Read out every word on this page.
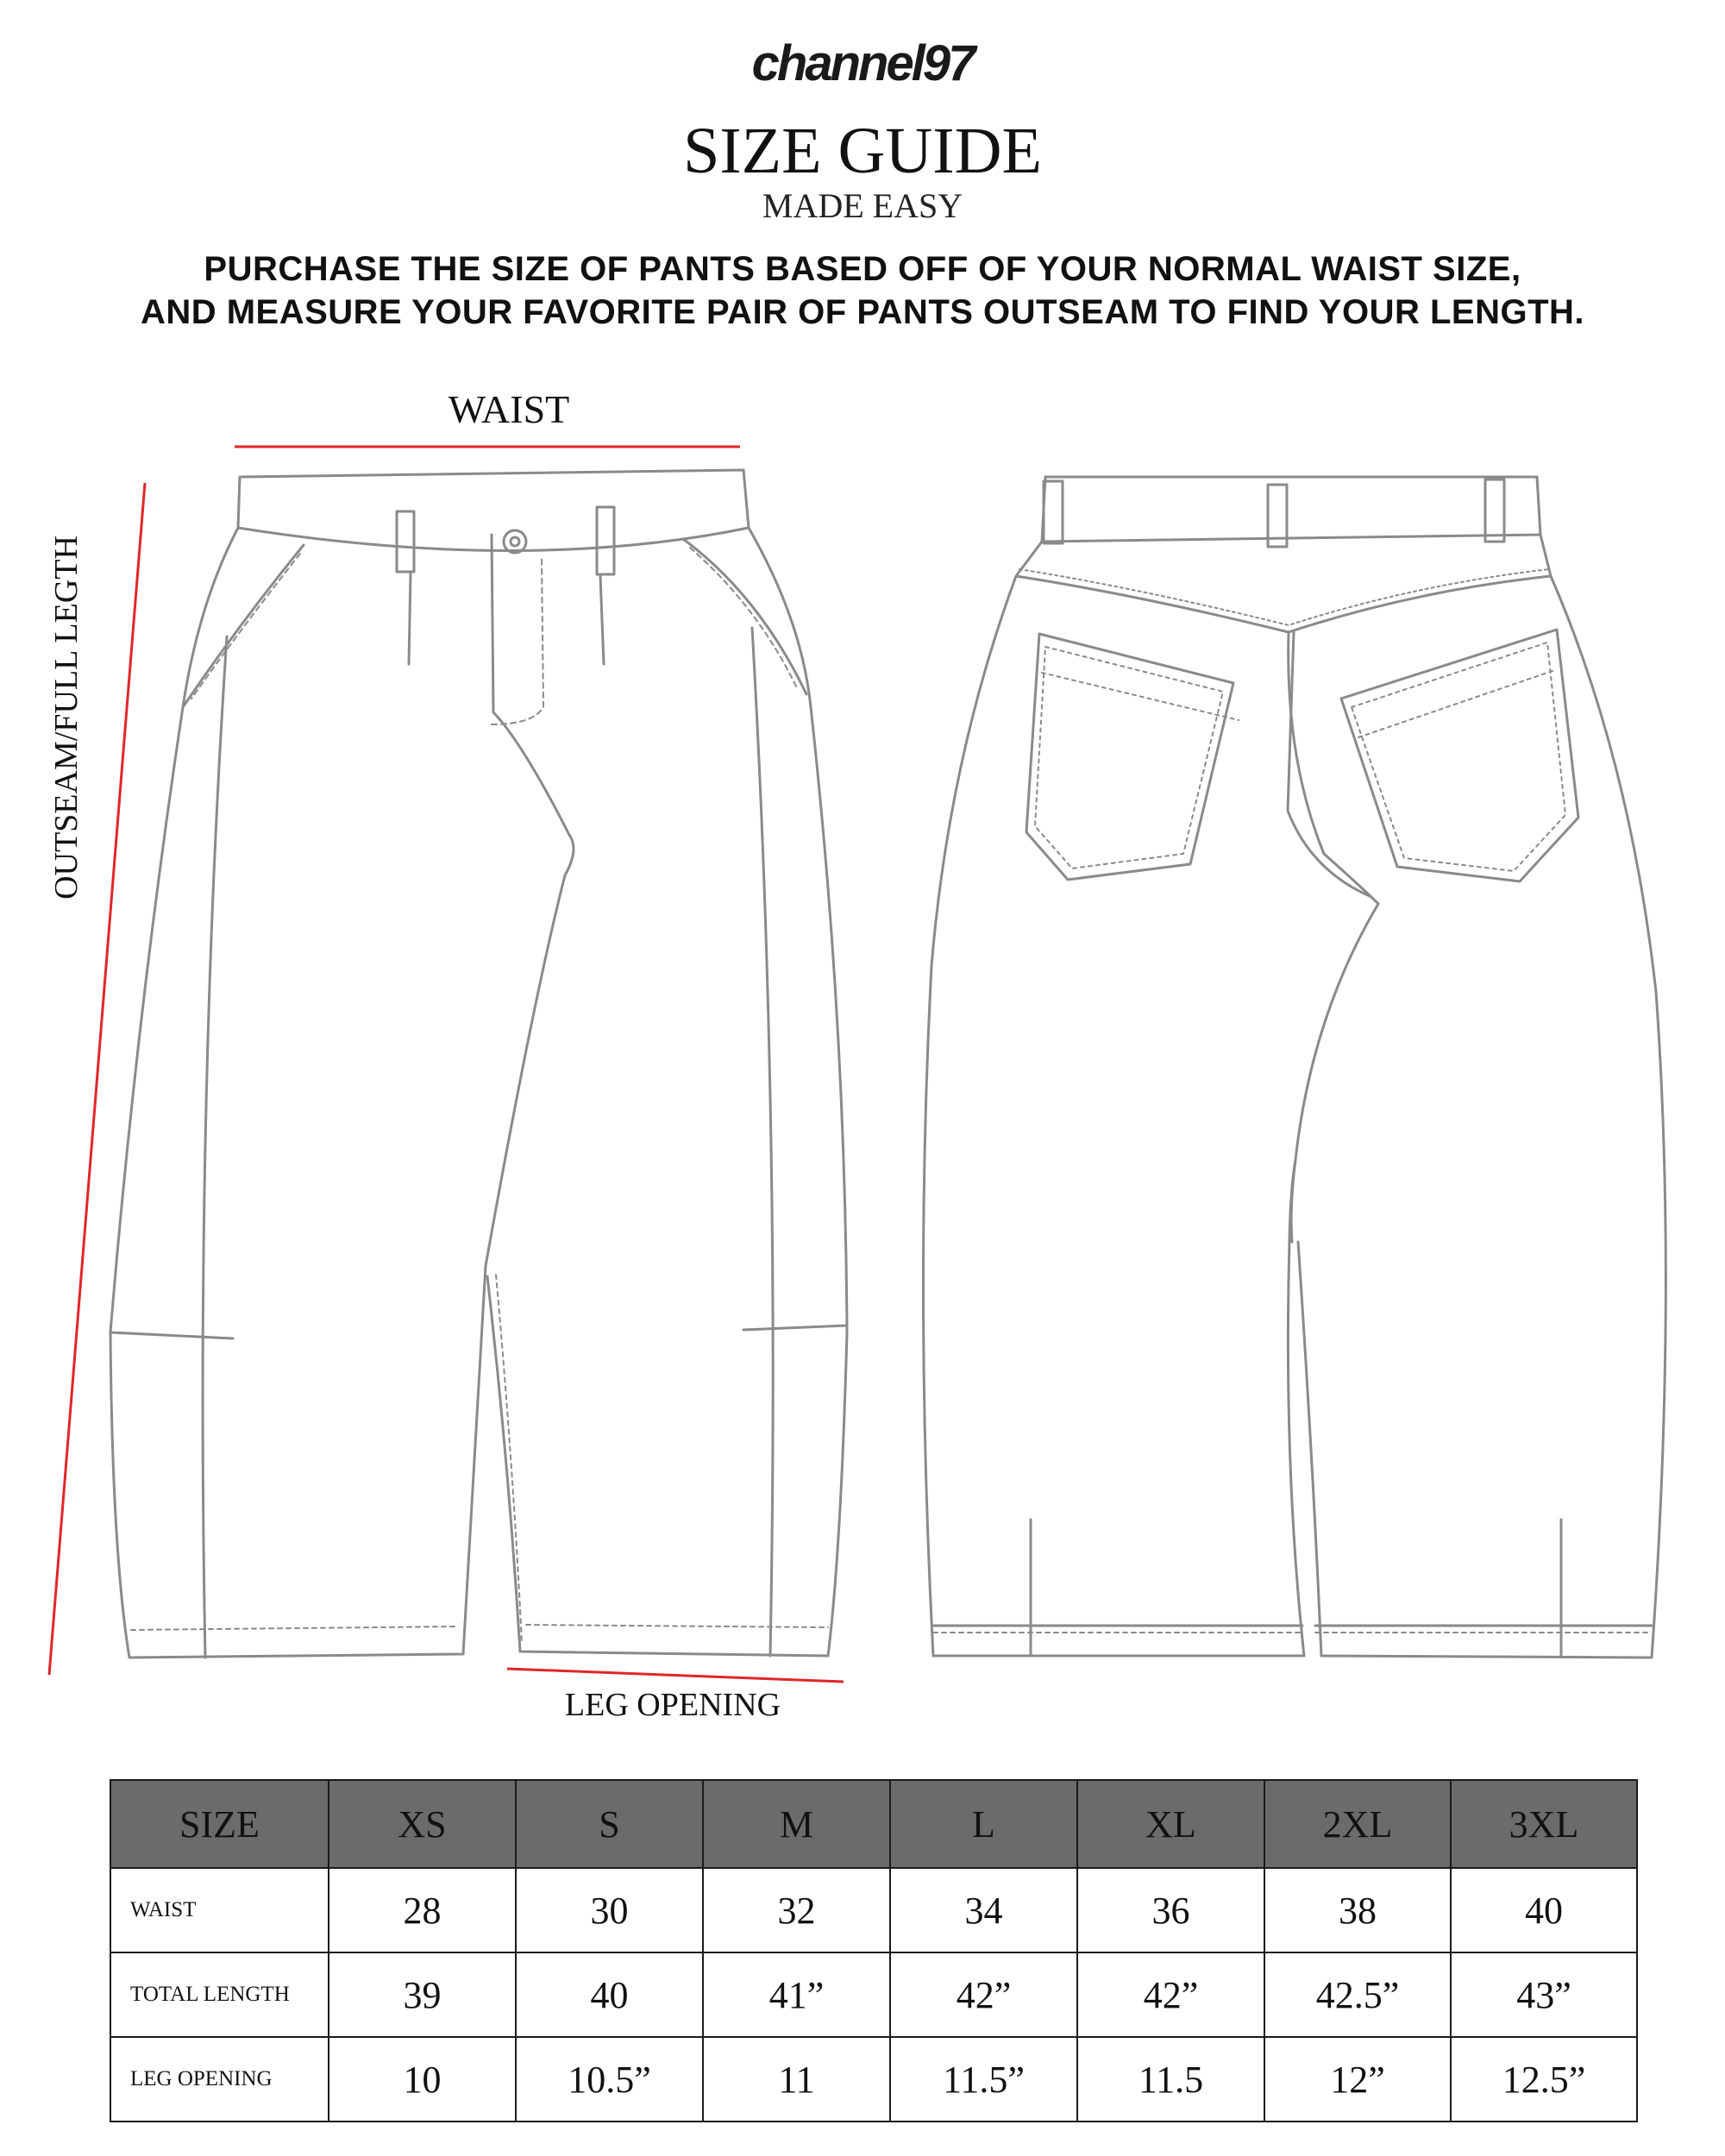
channel97
SIZE GUIDE
MADE EASY
PURCHASE THE SIZE OF PANTS BASED OFF OF YOUR NORMAL WAIST SIZE,
AND MEASURE YOUR FAVORITE PAIR OF PANTS OUTSEAM TO FIND YOUR LENGTH.
WAIST
OUTSEAM/FULL LEGTH
LEG OPENING
SIZE	XS	S	M	L	XL	2XL	3XL
WAIST	28	30	32	34	36	38	40
TOTAL LENGTH	39	40	41”	42”	42”	42.5”	43”
LEG OPENING	10	10.5”	11	11.5”	11.5	12”	12.5”
